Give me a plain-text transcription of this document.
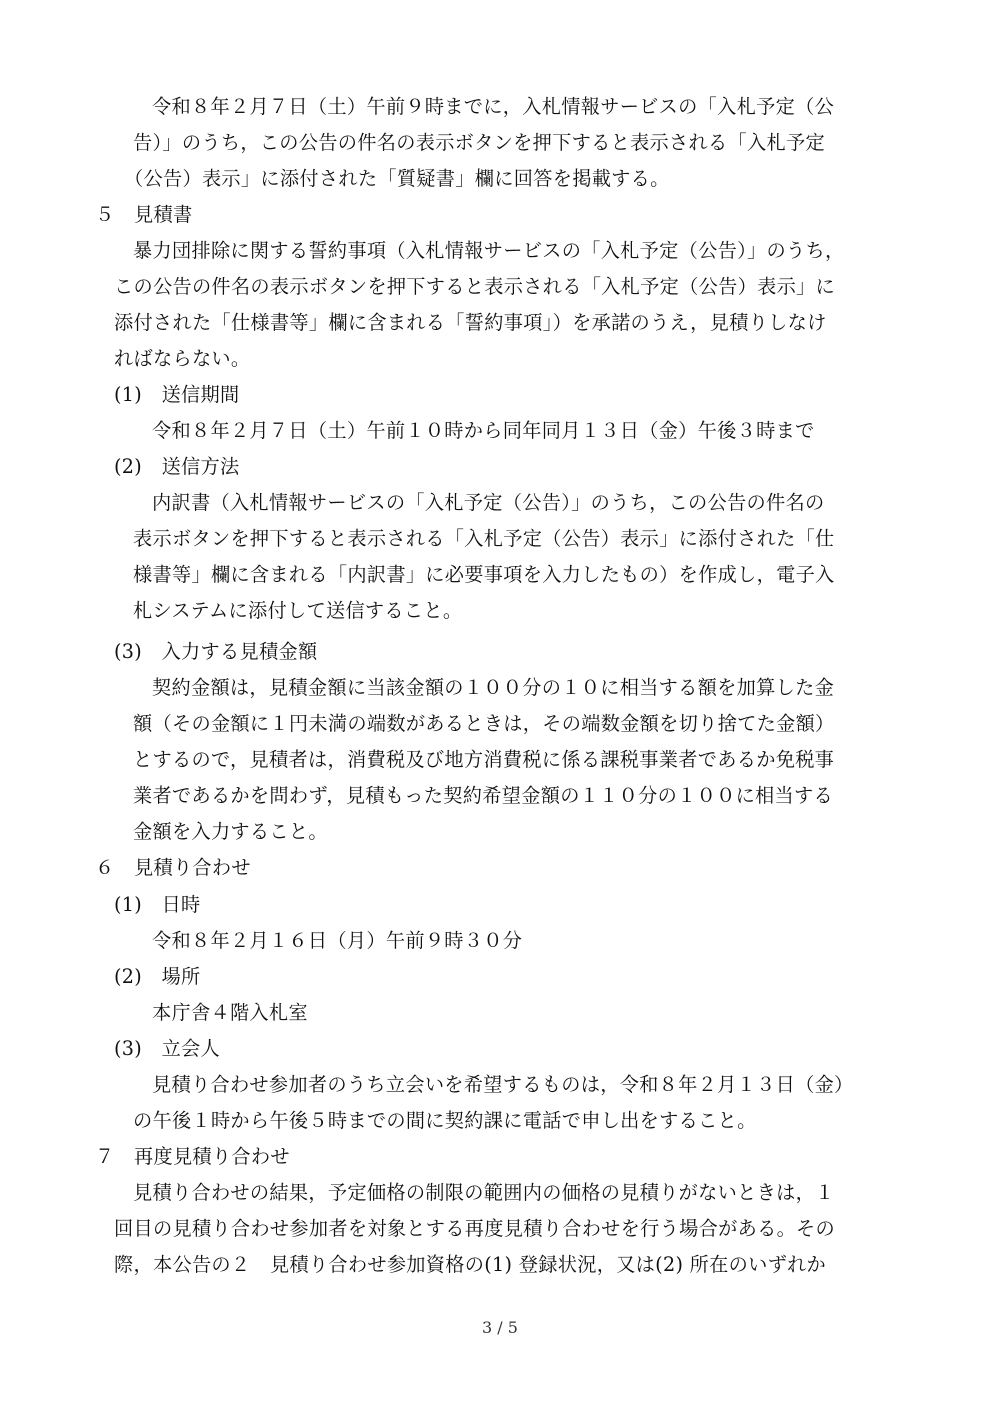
令和８年２月７日（土）午前９時までに，入札情報サービスの「入札予定（公
告）」のうち，この公告の件名の表示ボタンを押下すると表示される「入札予定
（公告）表示」に添付された「質疑書」欄に回答を掲載する。
５　見積書
暴力団排除に関する誓約事項（入札情報サービスの「入札予定（公告）」のうち，
この公告の件名の表示ボタンを押下すると表示される「入札予定（公告）表示」に
添付された「仕様書等」欄に含まれる「誓約事項」）を承諾のうえ，見積りしなけ
ればならない。
(1)　送信期間
令和８年２月７日（土）午前１０時から同年同月１３日（金）午後３時まで
(2)　送信方法
内訳書（入札情報サービスの「入札予定（公告）」のうち，この公告の件名の
表示ボタンを押下すると表示される「入札予定（公告）表示」に添付された「仕
様書等」欄に含まれる「内訳書」に必要事項を入力したもの）を作成し，電子入
札システムに添付して送信すること。
(3)　入力する見積金額
契約金額は，見積金額に当該金額の１００分の１０に相当する額を加算した金
額（その金額に１円未満の端数があるときは，その端数金額を切り捨てた金額）
とするので，見積者は，消費税及び地方消費税に係る課税事業者であるか免税事
業者であるかを問わず，見積もった契約希望金額の１１０分の１００に相当する
金額を入力すること。
６　見積り合わせ
(1)　日時
令和８年２月１６日（月）午前９時３０分
(2)　場所
本庁舎４階入札室
(3)　立会人
見積り合わせ参加者のうち立会いを希望するものは，令和８年２月１３日（金）
の午後１時から午後５時までの間に契約課に電話で申し出をすること。
７　再度見積り合わせ
見積り合わせの結果，予定価格の制限の範囲内の価格の見積りがないときは，１
回目の見積り合わせ参加者を対象とする再度見積り合わせを行う場合がある。その
際，本公告の２　見積り合わせ参加資格の(1) 登録状況，又は(2) 所在のいずれか
3 / 5
